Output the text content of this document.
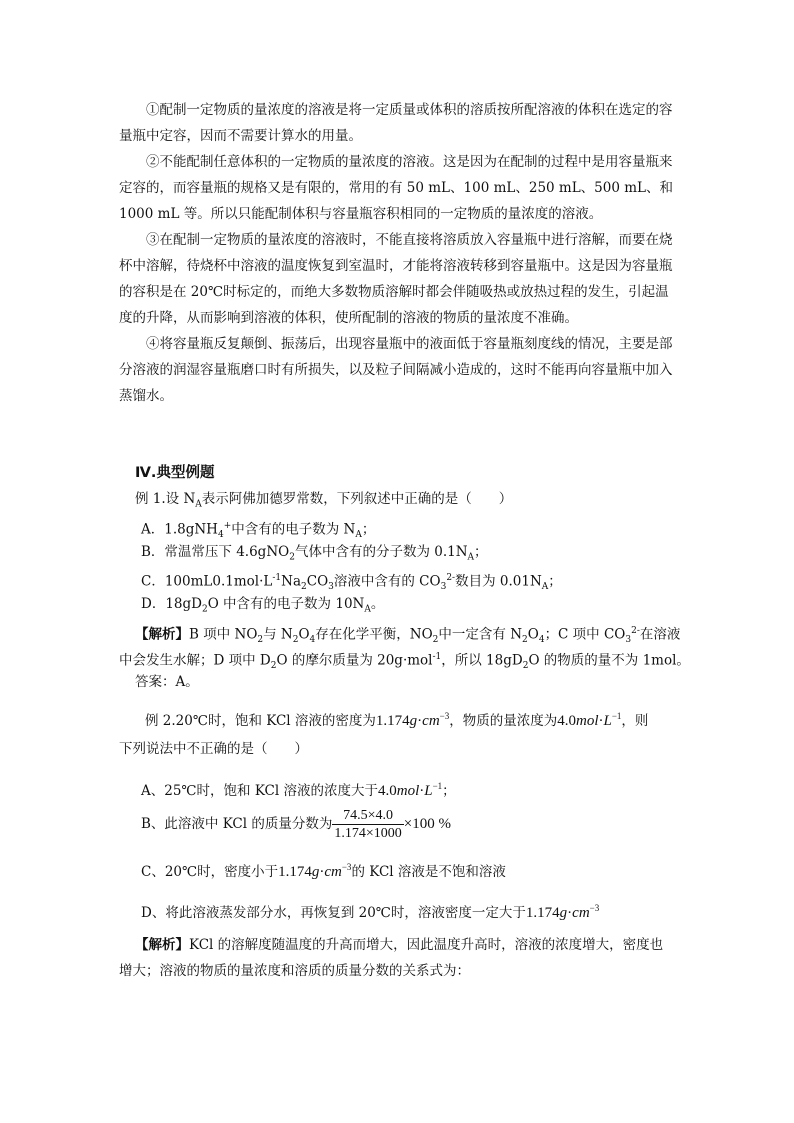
①配制一定物质的量浓度的溶液是将一定质量或体积的溶质按所配溶液的体积在选定的容量瓶中定容，因而不需要计算水的用量。
②不能配制任意体积的一定物质的量浓度的溶液。这是因为在配制的过程中是用容量瓶来定容的，而容量瓶的规格又是有限的，常用的有 50 mL、100 mL、250 mL、500 mL、和 1000 mL 等。所以只能配制体积与容量瓶容积相同的一定物质的量浓度的溶液。
③在配制一定物质的量浓度的溶液时，不能直接将溶质放入容量瓶中进行溶解，而要在烧杯中溶解，待烧杯中溶液的温度恢复到室温时，才能将溶液转移到容量瓶中。这是因为容量瓶的容积是在 20℃时标定的，而绝大多数物质溶解时都会伴随吸热或放热过程的发生，引起温度的升降，从而影响到溶液的体积，使所配制的溶液的物质的量浓度不准确。
④将容量瓶反复颠倒、振荡后，出现容量瓶中的液面低于容量瓶刻度线的情况，主要是部分溶液的润湿容量瓶磨口时有所损失，以及粒子间隔减小造成的，这时不能再向容量瓶中加入蒸馏水。
Ⅳ.典型例题
例 1.设 $N_A$表示阿佛加德罗常数，下列叙述中正确的是（　　）
A．1.8gNH$_4$+中含有的电子数为 $N_A$；
B．常温常压下 4.6gNO$_2$气体中含有的分子数为 $0.1N_A$；
C．$100mL0.1mol\cdot L^{-1}Na_2CO_3$溶液中含有的 $CO_3^{2-}$数目为 $0.01N_A$；
D．$18gD_2O$ 中含有的电子数为 $10N_A$。
【解析】B 项中 $NO_2$与 $N_2O_4$存在化学平衡，$NO_2$中一定含有 $N_2O_4$；C 项中 $CO_3^{2-}$在溶液
中会发生水解；D 项中 $D_2O$ 的摩尔质量为 20g·mol$^{-1}$，所以 $18gD_2O$ 的物质的量不为 1mol。
答案：A。
例 2.20℃时，饱和 KCl 溶液的密度为$1.174g\cdot cm^{-3}$，物质的量浓度为$4.0mol\cdot L^{-1}$，则
下列说法中不正确的是（　　）
A、25℃时，饱和 KCl 溶液的浓度大于$4.0mol\cdot L^{-1}$；
B、此溶液中 KCl 的质量分数为 $\frac{74.5\times 4.0}{1.174\times 1000} \times 100$ %
C、20℃时，密度小于$1.174g\cdot cm^{-3}$的 KCl 溶液是不饱和溶液
D、将此溶液蒸发部分水，再恢复到 20℃时，溶液密度一定大于$1.174g\cdot cm^{-3}$
【解析】KCl 的溶解度随温度的升高而增大，因此温度升高时，溶液的浓度增大，密度也
增大；溶液的物质的量浓度和溶质的质量分数的关系式为：
